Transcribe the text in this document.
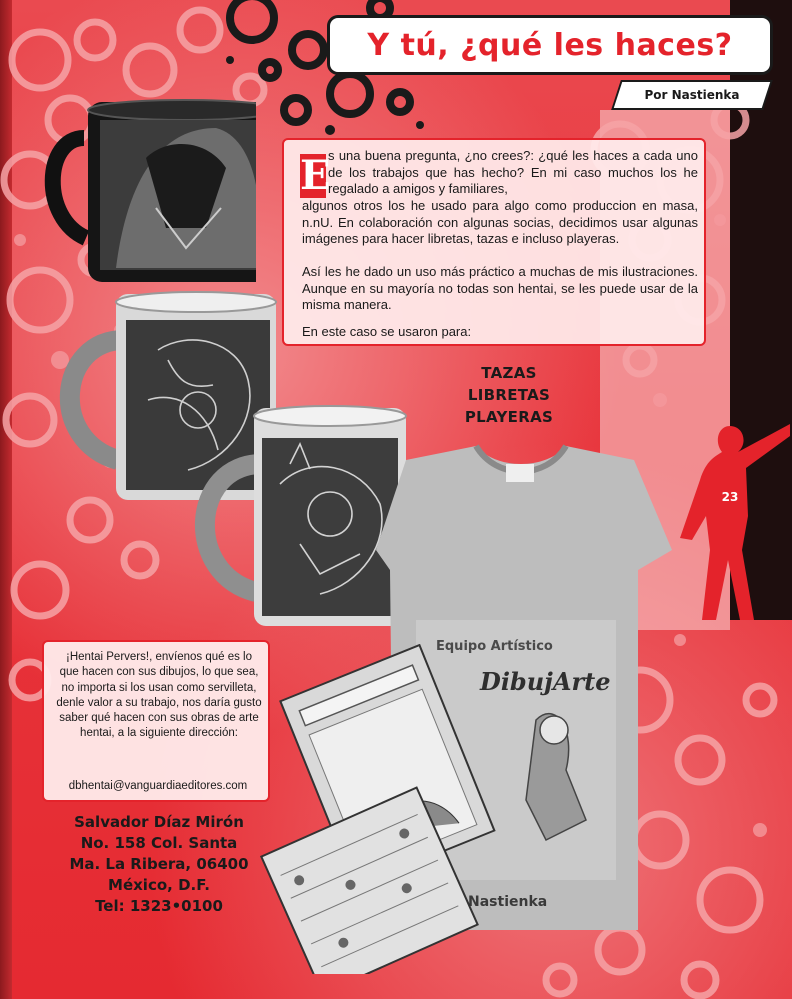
Y tú, ¿qué les haces?
Por Nastienka
Equipo Artístico
DibujArte
Nastienka
E

s una buena pregunta, ¿no crees?: ¿qué les haces a cada uno de los trabajos que has hecho? En mi caso muchos los he regalado a amigos y familiares,

algunos otros los he usado para algo como produccion en masa, n.nU. En colaboración con algunas socias, decidimos usar algunas imágenes para hacer libretas, tazas e incluso playeras.

Así les he dado un uso más práctico a muchas de mis ilustraciones. Aunque en su mayoría no todas son hentai, se les puede usar de la misma manera.

En este caso se usaron para:

TAZAS
LIBRETAS
PLAYERAS
23

¡Hentai Pervers!, envíenos qué es lo que hacen con sus dibujos, lo que sea, no importa si los usan como servilleta, denle valor a su trabajo, nos daría gusto saber qué hacen con sus obras de arte hentai, a la siguiente dirección:

dbhentai@vanguardiaeditores.com
Salvador Díaz Mirón
No. 158 Col. Santa
Ma. La Ribera, 06400
México, D.F.
Tel: 1323•0100
